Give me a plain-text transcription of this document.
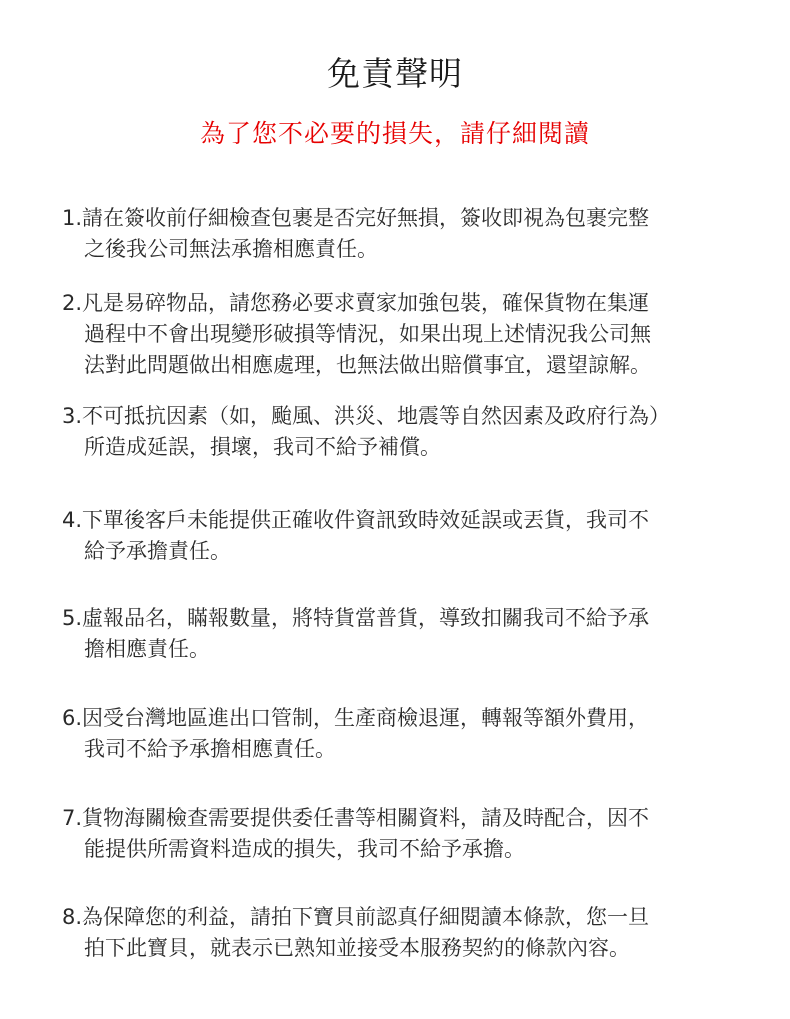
免責聲明
為了您不必要的損失，請仔細閱讀
1.請在簽收前仔細檢查包裹是否完好無損，簽收即視為包裹完整
之後我公司無法承擔相應責任。
2.凡是易碎物品，請您務必要求賣家加強包裝，確保貨物在集運
過程中不會出現變形破損等情況，如果出現上述情況我公司無
法對此問題做出相應處理，也無法做出賠償事宜，還望諒解。
3.不可抵抗因素（如，颱風、洪災、地震等自然因素及政府行為）
所造成延誤，損壞，我司不給予補償。
4.下單後客戶未能提供正確收件資訊致時效延誤或丟貨，我司不
給予承擔責任。
5.虛報品名，瞞報數量，將特貨當普貨，導致扣關我司不給予承
擔相應責任。
6.因受台灣地區進出口管制，生產商檢退運，轉報等額外費用，
我司不給予承擔相應責任。
7.貨物海關檢查需要提供委任書等相關資料，請及時配合，因不
能提供所需資料造成的損失，我司不給予承擔。
8.為保障您的利益，請拍下寶貝前認真仔細閱讀本條款，您一旦
拍下此寶貝，就表示已熟知並接受本服務契約的條款內容。
